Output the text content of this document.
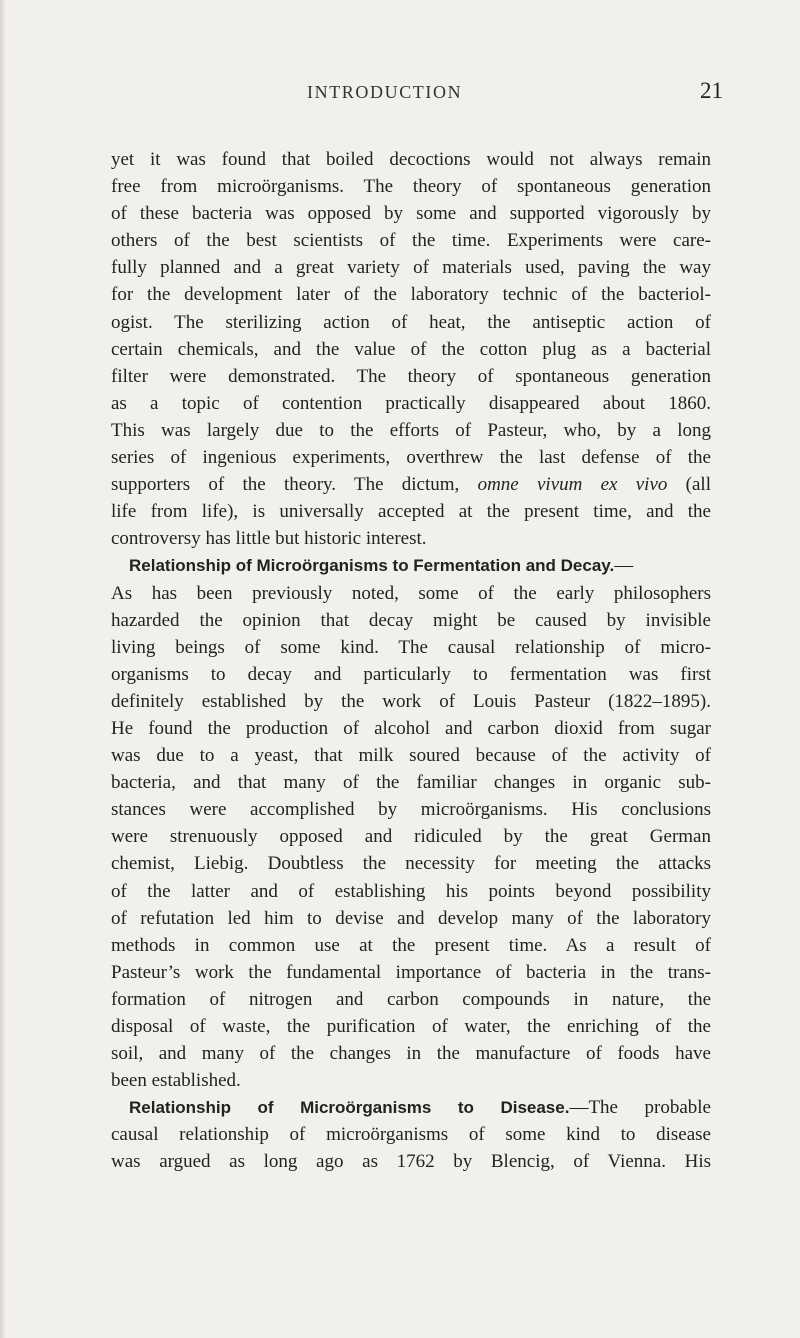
INTRODUCTION	21
yet it was found that boiled decoctions would not always remain
free from microörganisms. The theory of spontaneous generation
of these bacteria was opposed by some and supported vigorously by
others of the best scientists of the time. Experiments were care-
fully planned and a great variety of materials used, paving the way
for the development later of the laboratory technic of the bacteriol-
ogist. The sterilizing action of heat, the antiseptic action of
certain chemicals, and the value of the cotton plug as a bacterial
filter were demonstrated. The theory of spontaneous generation
as a topic of contention practically disappeared about 1860.
This was largely due to the efforts of Pasteur, who, by a long
series of ingenious experiments, overthrew the last defense of the
supporters of the theory. The dictum, omne vivum ex vivo (all
life from life), is universally accepted at the present time, and the
controversy has little but historic interest.
Relationship of Microörganisms to Fermentation and Decay.—
As has been previously noted, some of the early philosophers
hazarded the opinion that decay might be caused by invisible
living beings of some kind. The causal relationship of micro-
organisms to decay and particularly to fermentation was first
definitely established by the work of Louis Pasteur (1822–1895).
He found the production of alcohol and carbon dioxid from sugar
was due to a yeast, that milk soured because of the activity of
bacteria, and that many of the familiar changes in organic sub-
stances were accomplished by microörganisms. His conclusions
were strenuously opposed and ridiculed by the great German
chemist, Liebig. Doubtless the necessity for meeting the attacks
of the latter and of establishing his points beyond possibility
of refutation led him to devise and develop many of the laboratory
methods in common use at the present time. As a result of
Pasteur’s work the fundamental importance of bacteria in the trans-
formation of nitrogen and carbon compounds in nature, the
disposal of waste, the purification of water, the enriching of the
soil, and many of the changes in the manufacture of foods have
been established.
Relationship of Microörganisms to Disease.—The probable
causal relationship of microörganisms of some kind to disease
was argued as long ago as 1762 by Blencig, of Vienna. His
